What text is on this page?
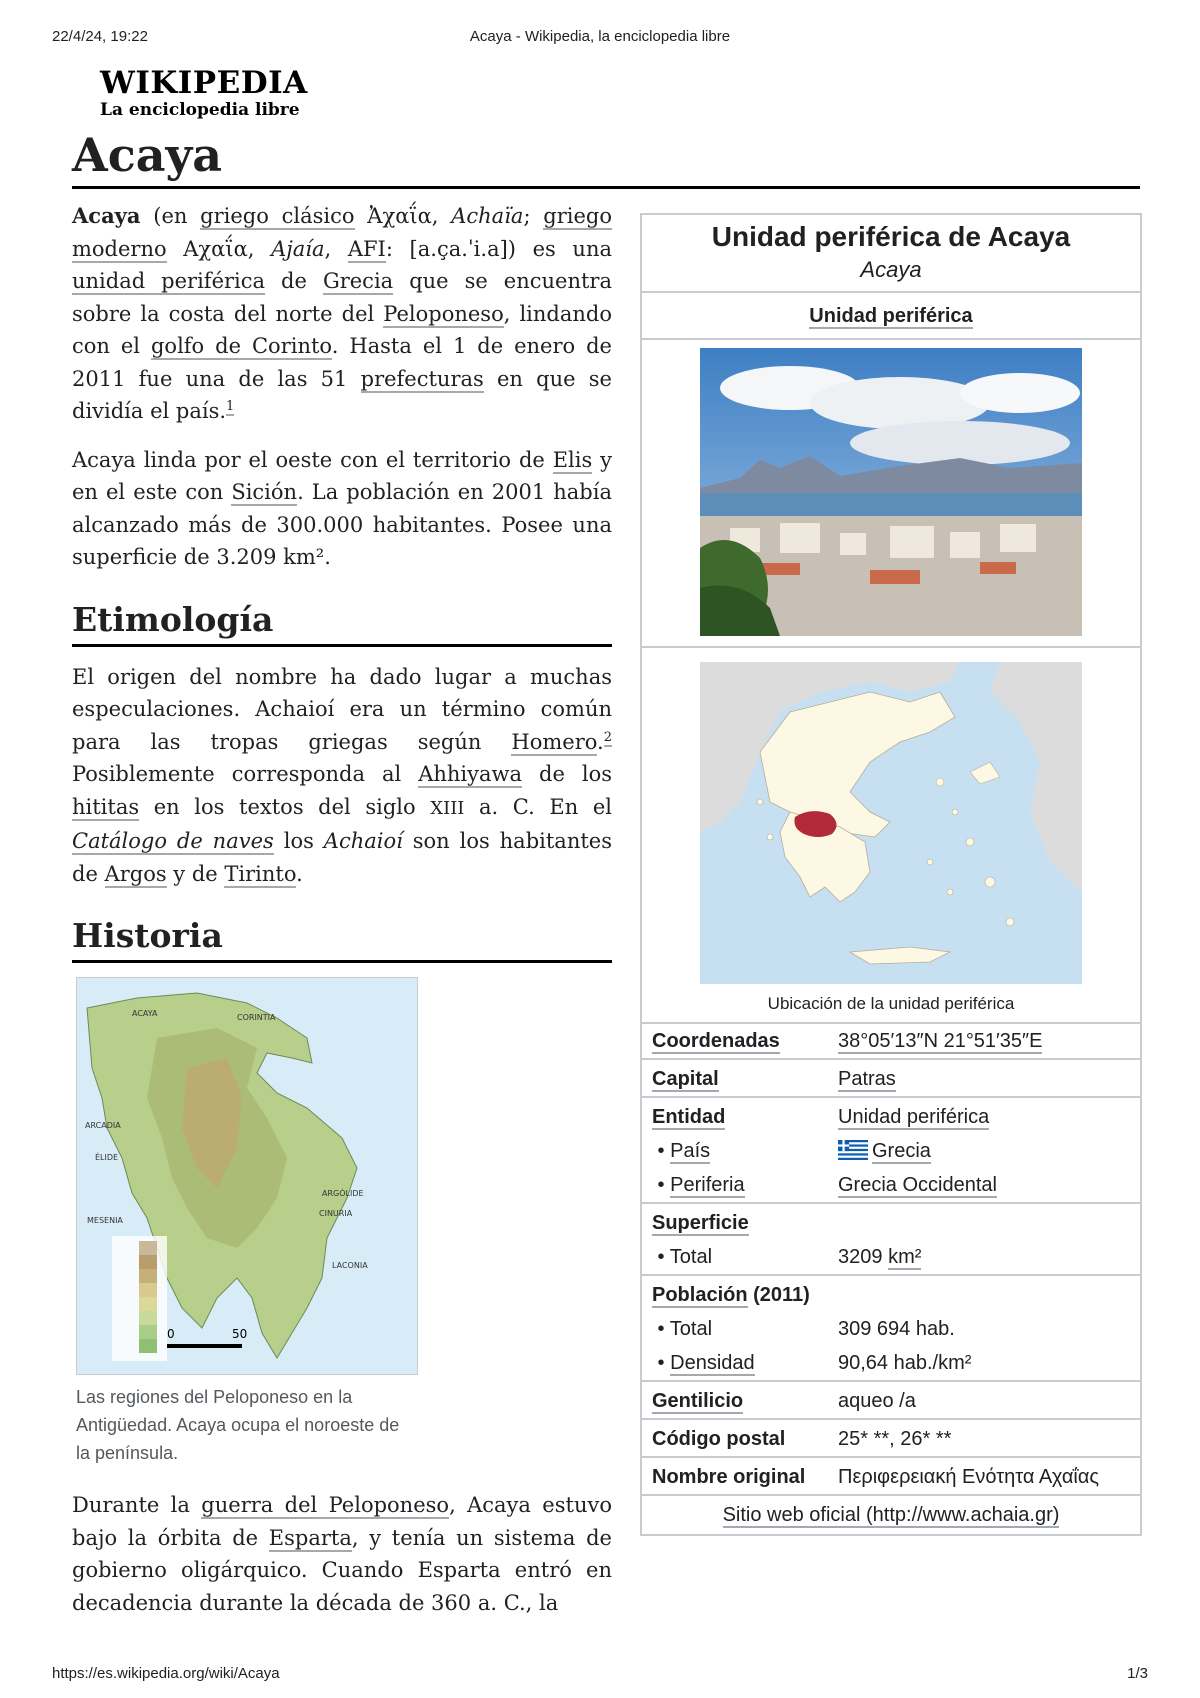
22/4/24, 19:22	Acaya - Wikipedia, la enciclopedia libre
WIKIPEDIA
La enciclopedia libre
Acaya

Acaya (en griego clásico Ἀχαΐα, Achaïa; griego moderno Αχαΐα, Ajaía, AFI: [a.ça.ˈi.a]) es una unidad periférica de Grecia que se encuentra sobre la costa del norte del Peloponeso, lindando con el golfo de Corinto. Hasta el 1 de enero de 2011 fue una de las 51 prefecturas en que se dividía el país.$^1$

Acaya linda por el oeste con el territorio de Elis y en el este con Sición. La población en 2001 había alcanzado más de 300.000 habitantes. Posee una superficie de 3.209 km².

Etimología

El origen del nombre ha dado lugar a muchas especulaciones. Achaioí era un término común para las tropas griegas según Homero.$^2$ Posiblemente corresponda al Ahhiyawa de los hititas en los textos del siglo XIII a. C. En el Catálogo de naves los Achaioí son los habitantes de Argos y de Tirinto.

Historia
ACAYA	CORINTIA
ARCADIA
ÉLIDE
ARGÓLIDE
CINURIA
MESENIA
LACONIA
0	50
Las regiones del Peloponeso en la Antigüedad. Acaya ocupa el noroeste de la península.

Durante la guerra del Peloponeso, Acaya estuvo bajo la órbita de Esparta, y tenía un sistema de gobierno oligárquico. Cuando Esparta entró en decadencia durante la década de 360 a. C., la

Unidad periférica de Acaya
Acaya
Unidad periférica
Ubicación de la unidad periférica
Coordenadas	38°05′13″N 21°51′35″E
Capital	Patras
Entidad	Unidad periférica
• País	Grecia
• Periferia	Grecia Occidental
Superficie
• Total	3209 km²
Población (2011)
• Total	309 694 hab.
• Densidad	90,64 hab./km²
Gentilicio	aqueo /a
Código postal	25* **, 26* **
Nombre original	Περιφερειακή Ενότητα Αχαΐας
Sitio web oficial (http://www.achaia.gr)
https://es.wikipedia.org/wiki/Acaya	1/3
